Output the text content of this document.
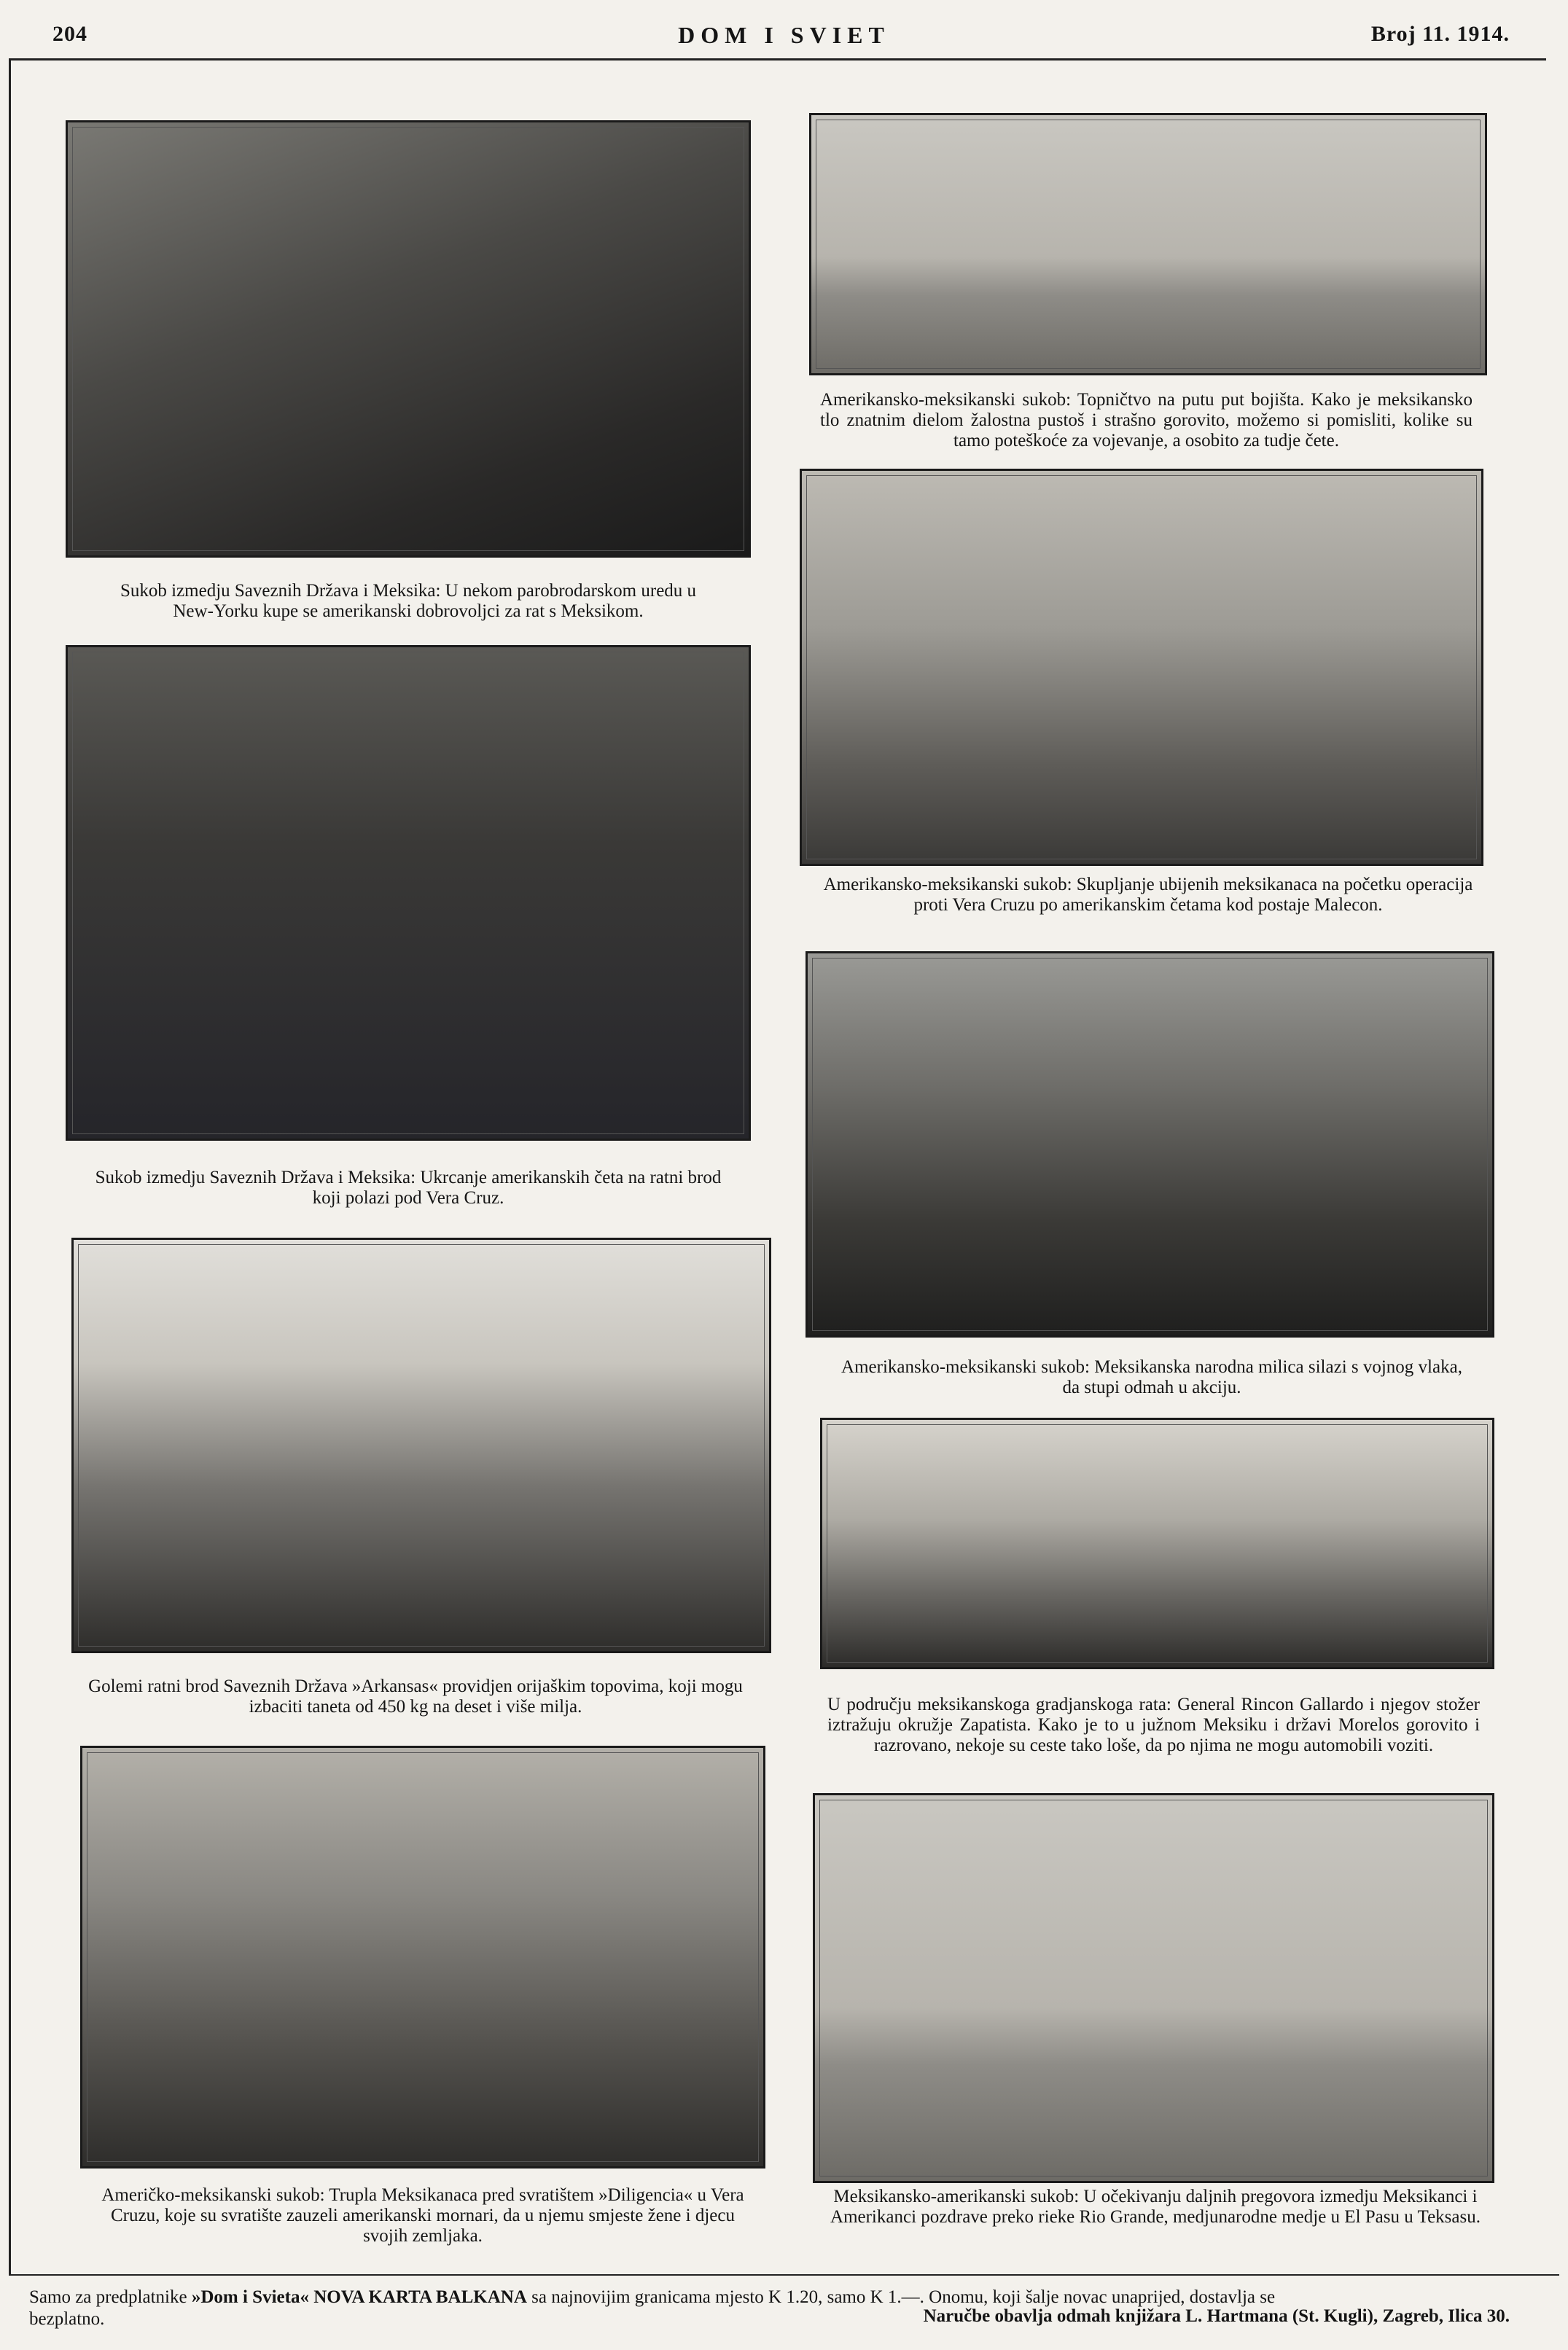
204	DOM I SVIET	Broj 11. 1914.
Sukob izmedju Saveznih Država i Meksika: U nekom parobrodarskom uredu u New-Yorku kupe se amerikanski dobrovoljci za rat s Meksikom.
Sukob izmedju Saveznih Država i Meksika: Ukrcanje amerikanskih četa na ratni brod koji polazi pod Vera Cruz.
Golemi ratni brod Saveznih Država »Arkansas« providjen orijaškim topovima, koji mogu izbaciti taneta od 450 kg na deset i više milja.
Američko-meksikanski sukob: Trupla Meksikanaca pred svratištem »Diligencia« u Vera Cruzu, koje su svratište zauzeli amerikanski mornari, da u njemu smjeste žene i djecu svojih zemljaka.
Amerikansko-meksikanski sukob: Topničtvo na putu put bojišta. Kako je meksikansko tlo znatnim dielom žalostna pustoš i strašno gorovito, možemo si pomisliti, kolike su tamo poteškoće za vojevanje, a osobito za tudje čete.
Amerikansko-meksikanski sukob: Skupljanje ubijenih meksikanaca na početku operacija proti Vera Cruzu po amerikanskim četama kod postaje Malecon.
Amerikansko-meksikanski sukob: Meksikanska narodna milica silazi s vojnog vlaka, da stupi odmah u akciju.
U području meksikanskoga gradjanskoga rata: General Rincon Gallardo i njegov stožer iztražuju okružje Zapatista. Kako je to u južnom Meksiku i državi Morelos gorovito i razrovano, nekoje su ceste tako loše, da po njima ne mogu automobili voziti.
Meksikansko-amerikanski sukob: U očekivanju daljnih pregovora izmedju Meksikanci i Amerikanci pozdrave preko rieke Rio Grande, medjunarodne medje u El Pasu u Teksasu.
Samo za predplatnike »Dom i Svieta« NOVA KARTA BALKANA sa najnovijim granicama mjesto K 1.20, samo K 1.—. Onomu, koji šalje novac unaprijed, dostavlja se
bezplatno.	Naručbe obavlja odmah knjižara L. Hartmana (St. Kugli), Zagreb, Ilica 30.
